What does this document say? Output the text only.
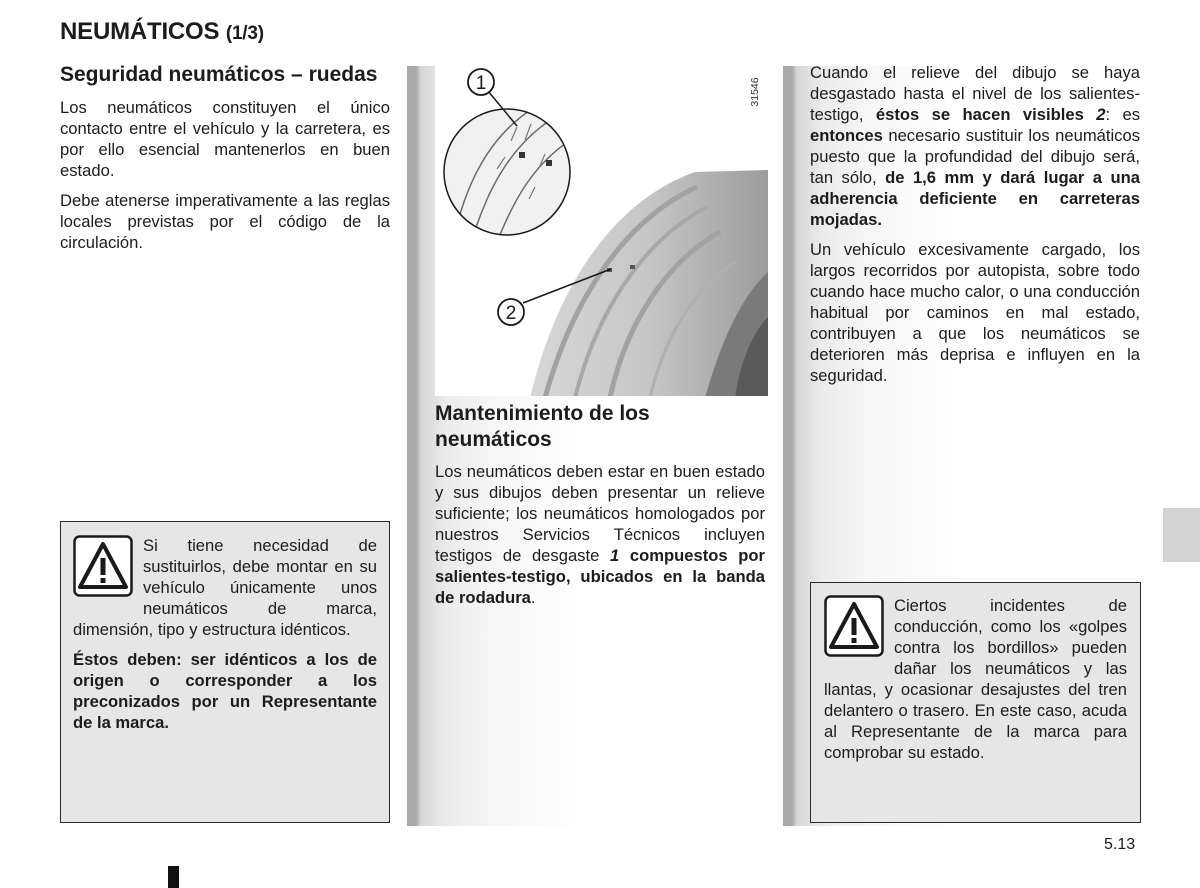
NEUMÁTICOS (1/3)
Seguridad neumáticos – ruedas

Los neumáticos constituyen el único contacto entre el vehículo y la carretera, es por ello esencial mantenerlos en buen estado.

Debe atenerse imperativamente a las reglas locales previstas por el código de la circulación.

Si tiene necesidad de sustituirlos, debe montar en su vehículo únicamente unos neumáticos de marca, dimensión, tipo y estructura idénticos.

Éstos deben: ser idénticos a los de origen o corresponder a los preconizados por un Representante de la marca.

1
2
31546
Mantenimiento de los neumáticos

Los neumáticos deben estar en buen estado y sus dibujos deben presentar un relieve suficiente; los neumáticos homologados por nuestros Servicios Técnicos incluyen testigos de desgaste 1 compuestos por salientes-testigo, ubicados en la banda de rodadura.

Cuando el relieve del dibujo se haya desgastado hasta el nivel de los salientes-testigo, éstos se hacen visibles 2: es entonces necesario sustituir los neumáticos puesto que la profundidad del dibujo será, tan sólo, de 1,6 mm y dará lugar a una adherencia deficiente en carreteras mojadas.

Un vehículo excesivamente cargado, los largos recorridos por autopista, sobre todo cuando hace mucho calor, o una conducción habitual por caminos en mal estado, contribuyen a que los neumáticos se deterioren más deprisa e influyen en la seguridad.

Ciertos incidentes de conducción, como los «golpes contra los bordillos» pueden dañar los neumáticos y las llantas, y ocasionar desajustes del tren delantero o trasero. En este caso, acuda al Representante de la marca para comprobar su estado.

5.13
